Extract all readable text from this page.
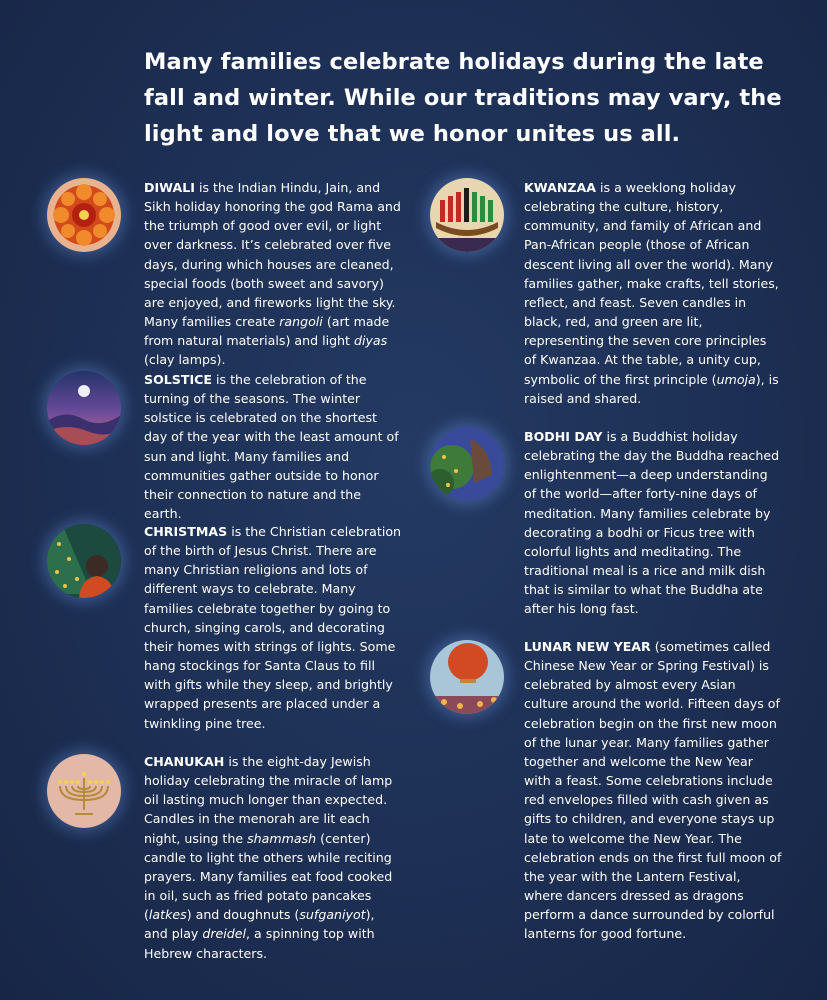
Many families celebrate holidays during the late fall and winter. While our traditions may vary, the light and love that we honor unites us all.

DIWALI is the Indian Hindu, Jain, and Sikh holiday honoring the god Rama and the triumph of good over evil, or light over darkness. It’s celebrated over five days, during which houses are cleaned, special foods (both sweet and savory) are enjoyed, and fireworks light the sky. Many families create rangoli (art made from natural materials) and light diyas (clay lamps).

SOLSTICE is the celebration of the turning of the seasons. The winter solstice is celebrated on the shortest day of the year with the least amount of sun and light. Many families and communities gather outside to honor their connection to nature and the earth.

CHRISTMAS is the Christian celebration of the birth of Jesus Christ. There are many Christian religions and lots of different ways to celebrate. Many families celebrate together by going to church, singing carols, and decorating their homes with strings of lights. Some hang stockings for Santa Claus to fill with gifts while they sleep, and brightly wrapped presents are placed under a twinkling pine tree.

CHANUKAH is the eight-day Jewish holiday celebrating the miracle of lamp oil lasting much longer than expected. Candles in the menorah are lit each night, using the shammash (center) candle to light the others while reciting prayers. Many families eat food cooked in oil, such as fried potato pancakes (latkes) and doughnuts (sufganiyot), and play dreidel, a spinning top with Hebrew characters.

KWANZAA is a weeklong holiday celebrating the culture, history, community, and family of African and Pan-African people (those of African descent living all over the world). Many families gather, make crafts, tell stories, reflect, and feast. Seven candles in black, red, and green are lit, representing the seven core principles of Kwanzaa. At the table, a unity cup, symbolic of the first principle (umoja), is raised and shared.

BODHI DAY is a Buddhist holiday celebrating the day the Buddha reached enlightenment—a deep understanding of the world—after forty-nine days of meditation. Many families celebrate by decorating a bodhi or Ficus tree with colorful lights and meditating. The traditional meal is a rice and milk dish that is similar to what the Buddha ate after his long fast.

LUNAR NEW YEAR (sometimes called Chinese New Year or Spring Festival) is celebrated by almost every Asian culture around the world. Fifteen days of celebration begin on the first new moon of the lunar year. Many families gather together and welcome the New Year with a feast. Some celebrations include red envelopes filled with cash given as gifts to children, and everyone stays up late to welcome the New Year. The celebration ends on the first full moon of the year with the Lantern Festival, where dancers dressed as dragons perform a dance surrounded by colorful lanterns for good fortune.
